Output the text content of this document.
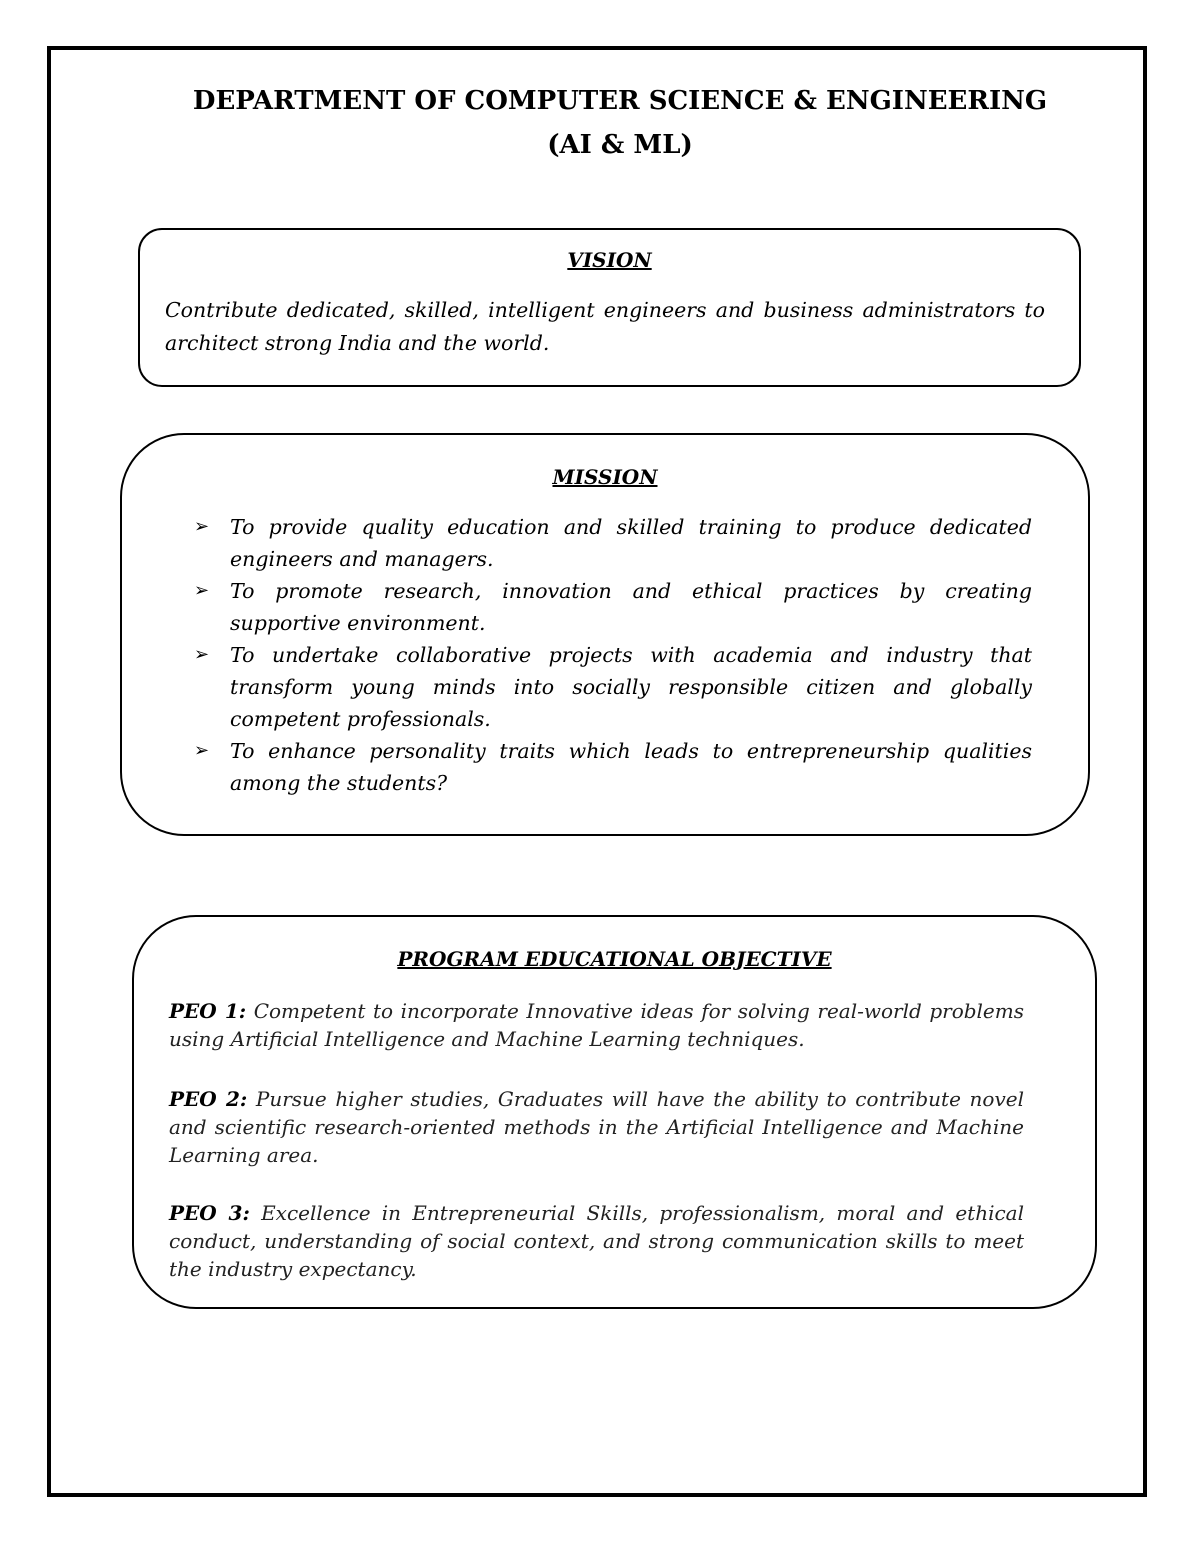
DEPARTMENT OF COMPUTER SCIENCE & ENGINEERING
(AI & ML)
VISION
Contribute dedicated, skilled, intelligent engineers and business administrators to architect strong India and the world.
MISSION
➢ To provide quality education and skilled training to produce dedicated engineers and managers.
➢ To promote research, innovation and ethical practices by creating supportive environment.
➢ To undertake collaborative projects with academia and industry that transform young minds into socially responsible citizen and globally competent professionals.
➢ To enhance personality traits which leads to entrepreneurship qualities among the students?
PROGRAM EDUCATIONAL OBJECTIVE
PEO 1: Competent to incorporate Innovative ideas for solving real-world problems using Artificial Intelligence and Machine Learning techniques.
PEO 2: Pursue higher studies, Graduates will have the ability to contribute novel and scientific research-oriented methods in the Artificial Intelligence and Machine Learning area.
PEO 3: Excellence in Entrepreneurial Skills, professionalism, moral and ethical conduct, understanding of social context, and strong communication skills to meet the industry expectancy.
